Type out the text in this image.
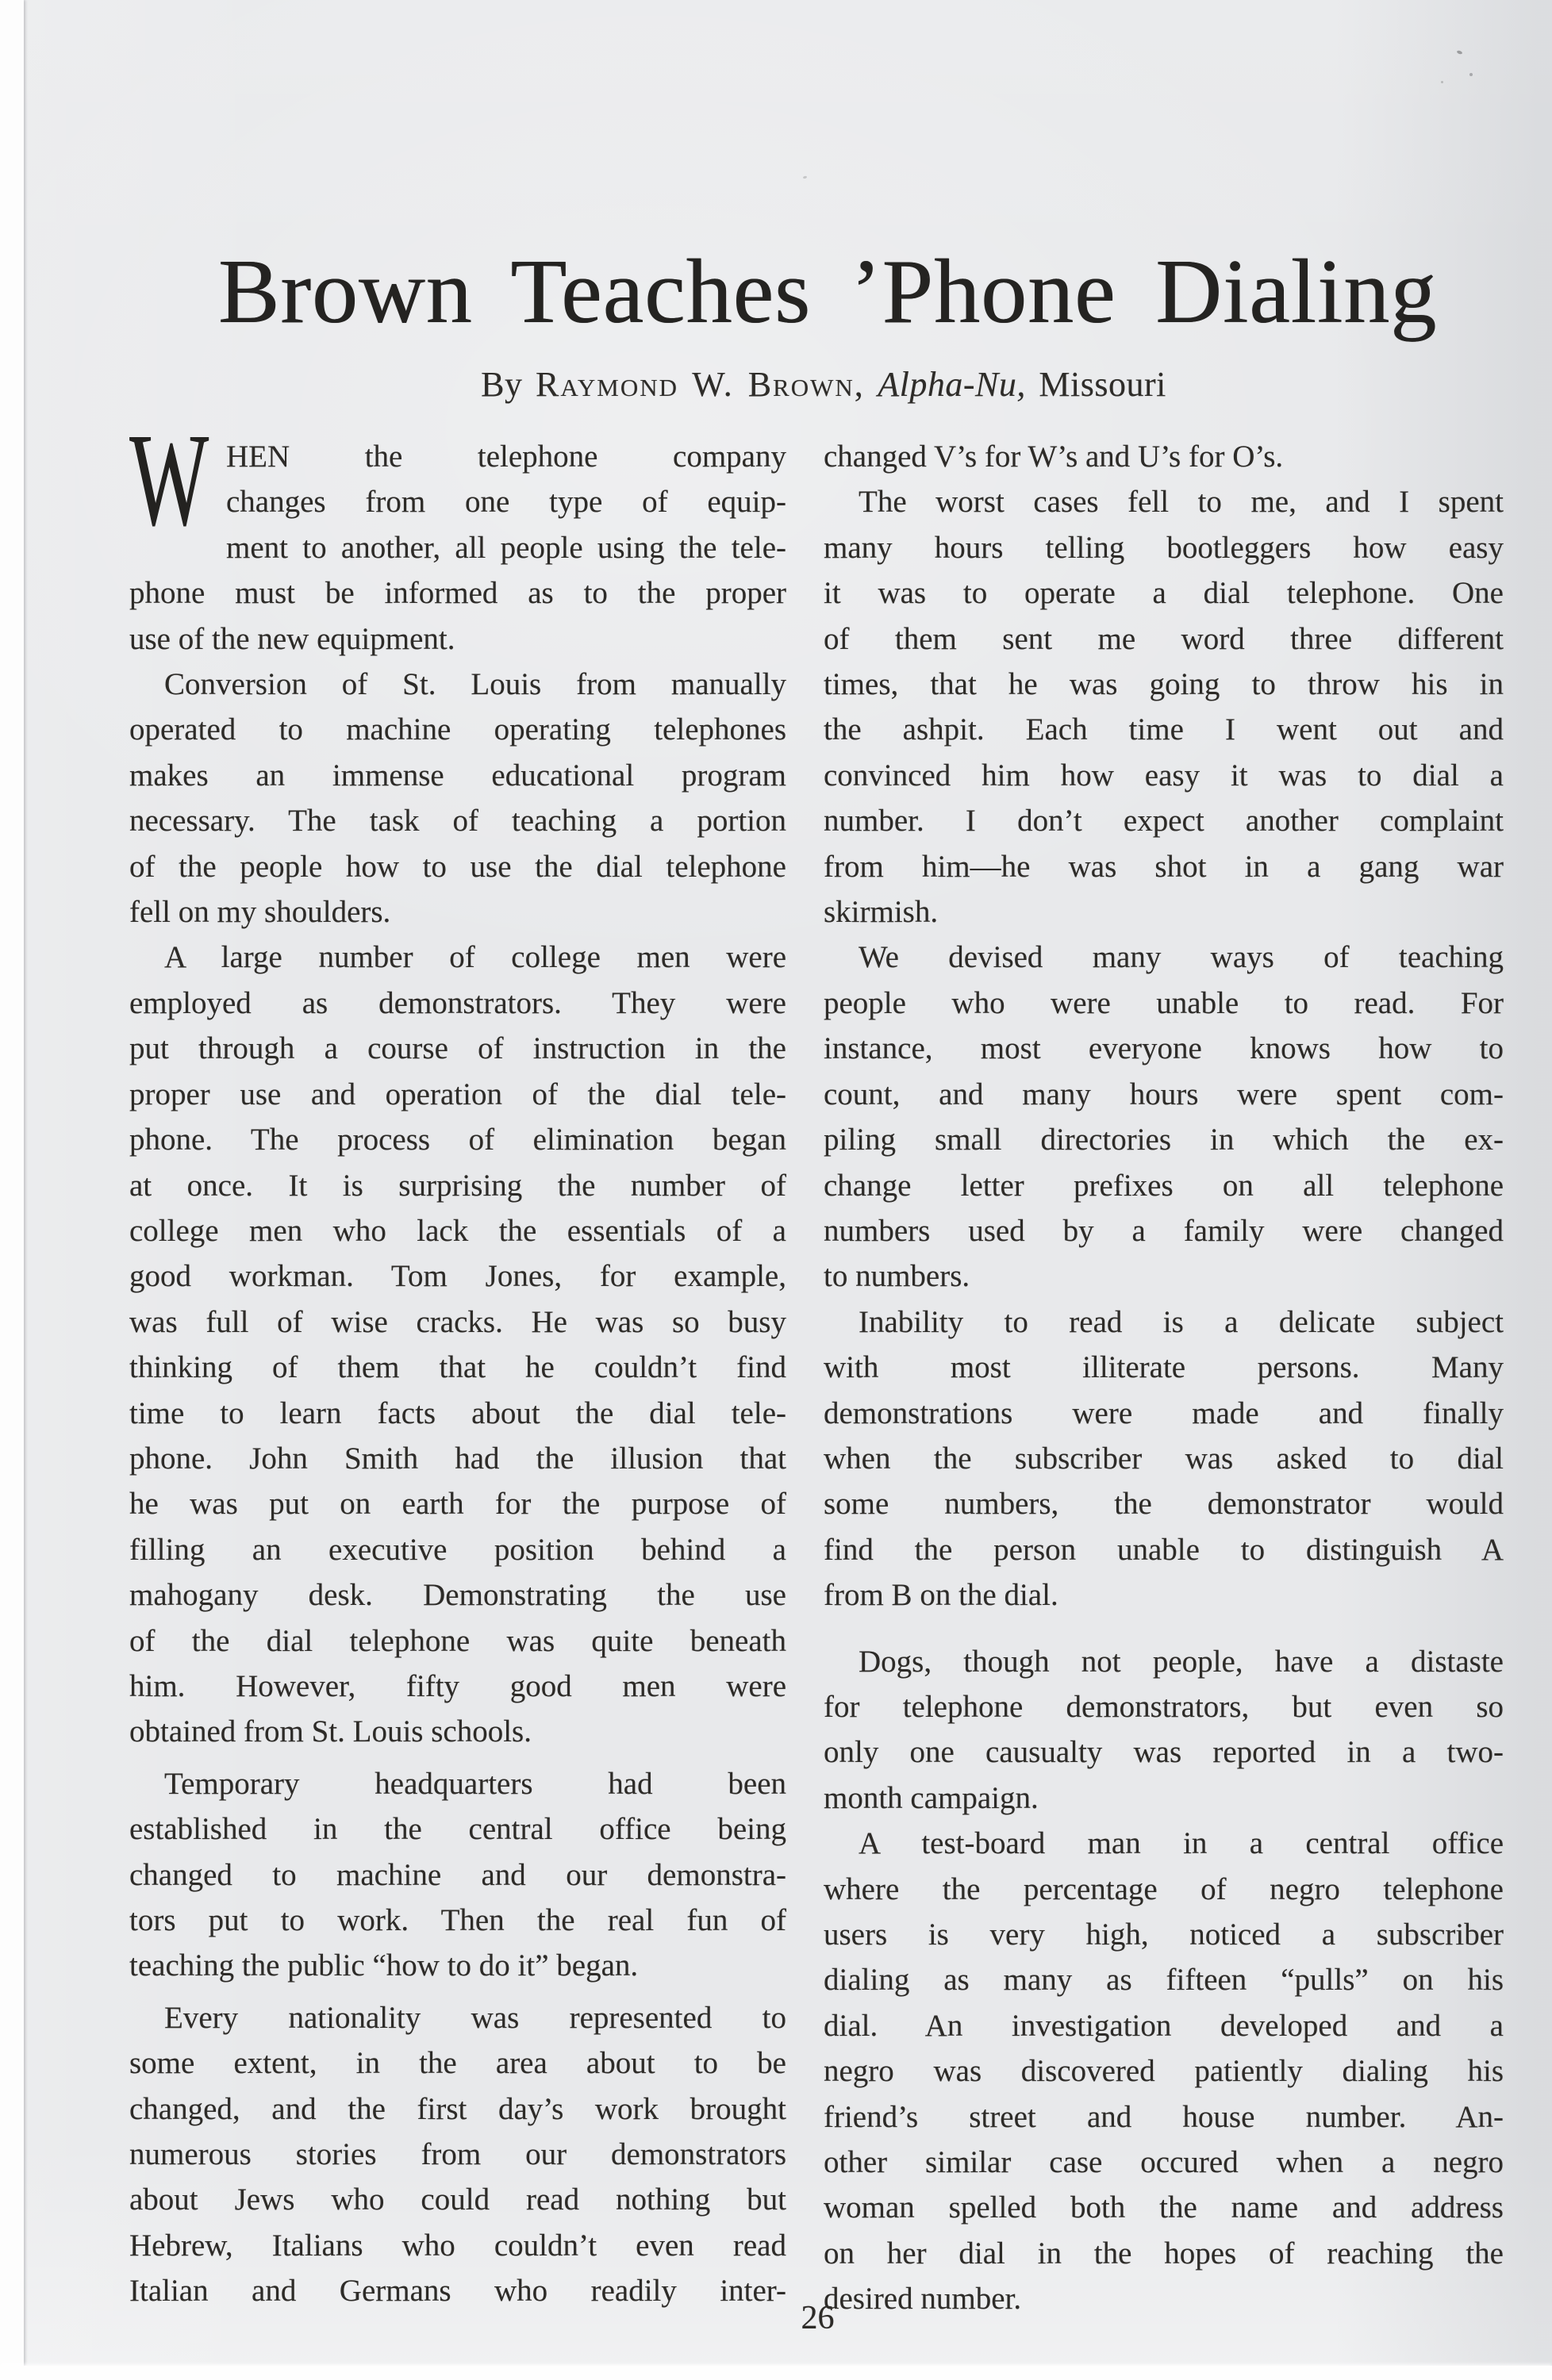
Brown Teaches ’Phone Dialing
By Raymond W. Brown, Alpha-Nu, Missouri
W HEN the telephone company
changes from one type of equip-
ment to another, all people using the tele-
phone must be informed as to the proper
use of the new equipment.
Conversion of St. Louis from manually
operated to machine operating telephones
makes an immense educational program
necessary. The task of teaching a portion
of the people how to use the dial telephone
fell on my shoulders.
A large number of college men were
employed as demonstrators. They were
put through a course of instruction in the
proper use and operation of the dial tele-
phone. The process of elimination began
at once. It is surprising the number of
college men who lack the essentials of a
good workman. Tom Jones, for example,
was full of wise cracks. He was so busy
thinking of them that he couldn’t find
time to learn facts about the dial tele-
phone. John Smith had the illusion that
he was put on earth for the purpose of
filling an executive position behind a
mahogany desk. Demonstrating the use
of the dial telephone was quite beneath
him. However, fifty good men were
obtained from St. Louis schools.
Temporary headquarters had been
established in the central office being
changed to machine and our demonstra-
tors put to work. Then the real fun of
teaching the public “how to do it” began.
Every nationality was represented to
some extent, in the area about to be
changed, and the first day’s work brought
numerous stories from our demonstrators
about Jews who could read nothing but
Hebrew, Italians who couldn’t even read
Italian and Germans who readily inter-
changed V’s for W’s and U’s for O’s.
The worst cases fell to me, and I spent
many hours telling bootleggers how easy
it was to operate a dial telephone. One
of them sent me word three different
times, that he was going to throw his in
the ashpit. Each time I went out and
convinced him how easy it was to dial a
number. I don’t expect another complaint
from him—he was shot in a gang war
skirmish.
We devised many ways of teaching
people who were unable to read. For
instance, most everyone knows how to
count, and many hours were spent com-
piling small directories in which the ex-
change letter prefixes on all telephone
numbers used by a family were changed
to numbers.
Inability to read is a delicate subject
with most illiterate persons. Many
demonstrations were made and finally
when the subscriber was asked to dial
some numbers, the demonstrator would
find the person unable to distinguish A
from B on the dial.
Dogs, though not people, have a distaste
for telephone demonstrators, but even so
only one causualty was reported in a two-
month campaign.
A test-board man in a central office
where the percentage of negro telephone
users is very high, noticed a subscriber
dialing as many as fifteen “pulls” on his
dial. An investigation developed and a
negro was discovered patiently dialing his
friend’s street and house number. An-
other similar case occured when a negro
woman spelled both the name and address
on her dial in the hopes of reaching the
desired number.
26
